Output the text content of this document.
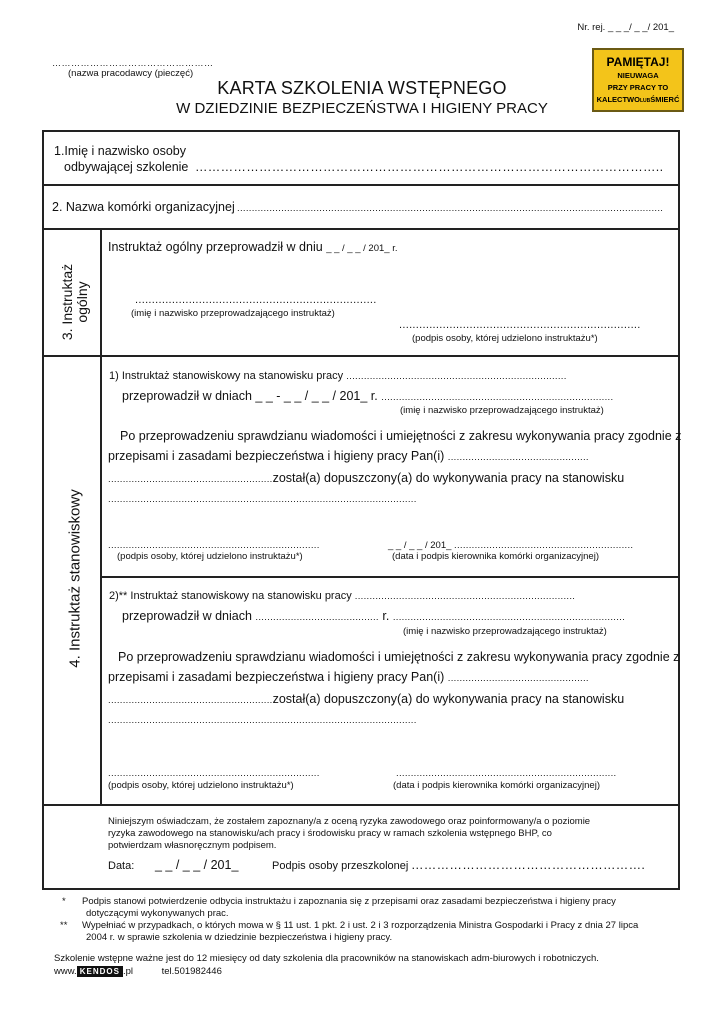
Nr. rej. _ _ _/ _ _/ 201_
……………………………………………
(nazwa pracodawcy (pieczęć)
KARTA SZKOLENIA WSTĘPNEGO
W DZIEDZINIE BEZPIECZEŃSTWA I HIGIENY PRACY
PAMIĘTAJ!
NIEUWAGA
PRZY PRACY TO
KALECTWOLUBŚMIERĆ
1.Imię i nazwisko osoby
odbywającej szkolenie ………………………………………………………………………………………………..
2. Nazwa komórki organizacyjnej .................................................................................................................................................
3. Instruktaż ogólny
Instruktaż ogólny przeprowadził w dniu _ _ / _ _ / 201_ r.
........................................................................
(imię i nazwisko przeprowadzającego instruktaż)
........................................................................
(podpis osoby, której udzielono instruktażu*)
4. Instruktaż stanowiskowy
1) Instruktaż stanowiskowy na stanowisku pracy ...........................................................................
przeprowadził w dniach _ _ - _ _ / _ _ / 201_ r. ...............................................................................
(imię i nazwisko przeprowadzającego instruktaż)
Po przeprowadzeniu sprawdzianu wiadomości i umiejętności z zakresu wykonywania pracy zgodnie z
przepisami i zasadami bezpieczeństwa i higieny pracy Pan(i) ................................................
........................................................został(a) dopuszczony(a) do wykonywania pracy na stanowisku
.........................................................................................................
........................................................................	_ _ / _ _ / 201_ .............................................................
(podpis osoby, której udzielono instruktażu*)	(data i podpis kierownika komórki organizacyjnej)
2)** Instruktaż stanowiskowy na stanowisku pracy ...........................................................................
przeprowadził w dniach .......................................... r. ...............................................................................
(imię i nazwisko przeprowadzającego instruktaż)
Po przeprowadzeniu sprawdzianu wiadomości i umiejętności z zakresu wykonywania pracy zgodnie z
przepisami i zasadami bezpieczeństwa i higieny pracy Pan(i) ................................................
........................................................został(a) dopuszczony(a) do wykonywania pracy na stanowisku
.........................................................................................................
........................................................................	...........................................................................
(podpis osoby, której udzielono instruktażu*)	(data i podpis kierownika komórki organizacyjnej)
Niniejszym oświadczam, że zostałem zapoznany/a z oceną ryzyka zawodowego oraz poinformowany/a o poziomie
ryzyka zawodowego na stanowisku/ach pracy i środowisku pracy w ramach szkolenia wstępnego BHP, co
potwierdzam własnoręcznym podpisem.
Data: _ _ / _ _ / 201_	Podpis osoby przeszkolonej ……………………………………………….
* Podpis stanowi potwierdzenie odbycia instruktażu i zapoznania się z przepisami oraz zasadami bezpieczeństwa i higieny pracy
dotyczącymi wykonywanych prac.
** Wypełniać w przypadkach, o których mowa w § 11 ust. 1 pkt. 2 i ust. 2 i 3 rozporządzenia Ministra Gospodarki i Pracy z dnia 27 lipca
2004 r. w sprawie szkolenia w dziedzinie bezpieczeństwa i higieny pracy.
Szkolenie wstępne ważne jest do 12 miesięcy od daty szkolenia dla pracowników na stanowiskach adm-biurowych i robotniczych.
www. KENDOS .pl	tel.501982446
